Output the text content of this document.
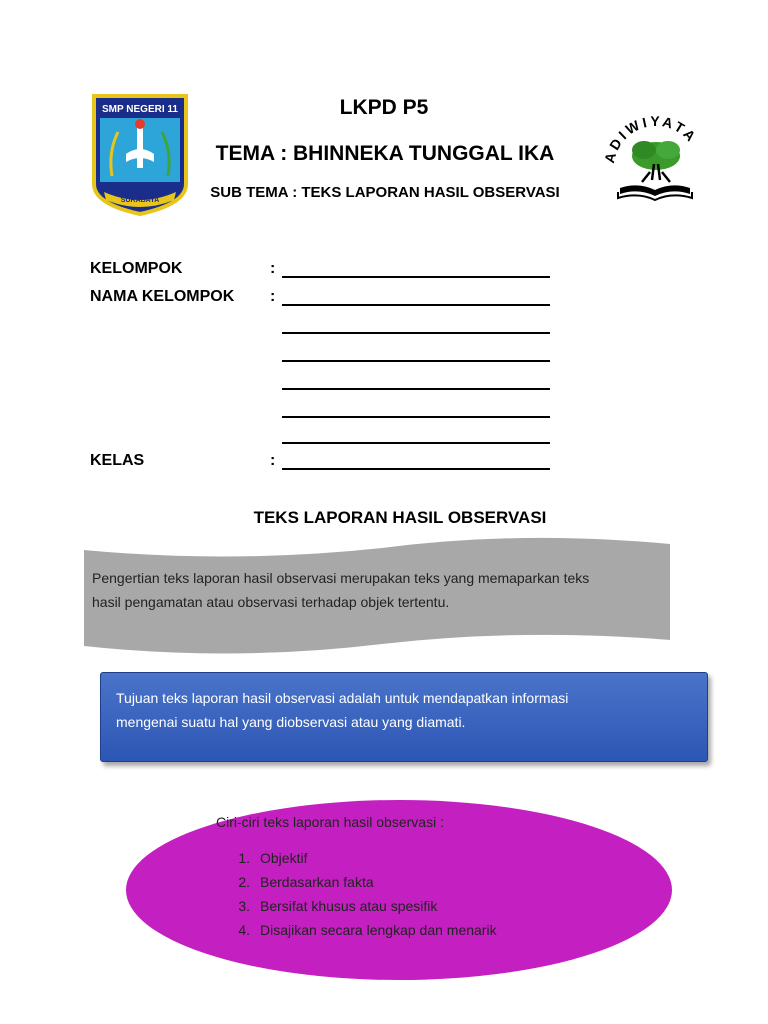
SMP NEGERI 11
SURABAYA
ADIWIYATA
LKPD P5
TEMA : BHINNEKA TUNGGAL IKA
SUB TEMA : TEKS LAPORAN HASIL OBSERVASI
KELOMPOK	:
NAMA KELOMPOK :
KELAS	:
TEKS LAPORAN HASIL OBSERVASI
Pengertian teks laporan hasil observasi merupakan teks yang memaparkan teks
hasil pengamatan atau observasi terhadap objek tertentu.
Tujuan teks laporan hasil observasi adalah untuk mendapatkan informasi
mengenai suatu hal yang diobservasi atau yang diamati.
Ciri-ciri teks laporan hasil observasi :
1. Objektif
2. Berdasarkan fakta
3. Bersifat khusus atau spesifik
4. Disajikan secara lengkap dan menarik
